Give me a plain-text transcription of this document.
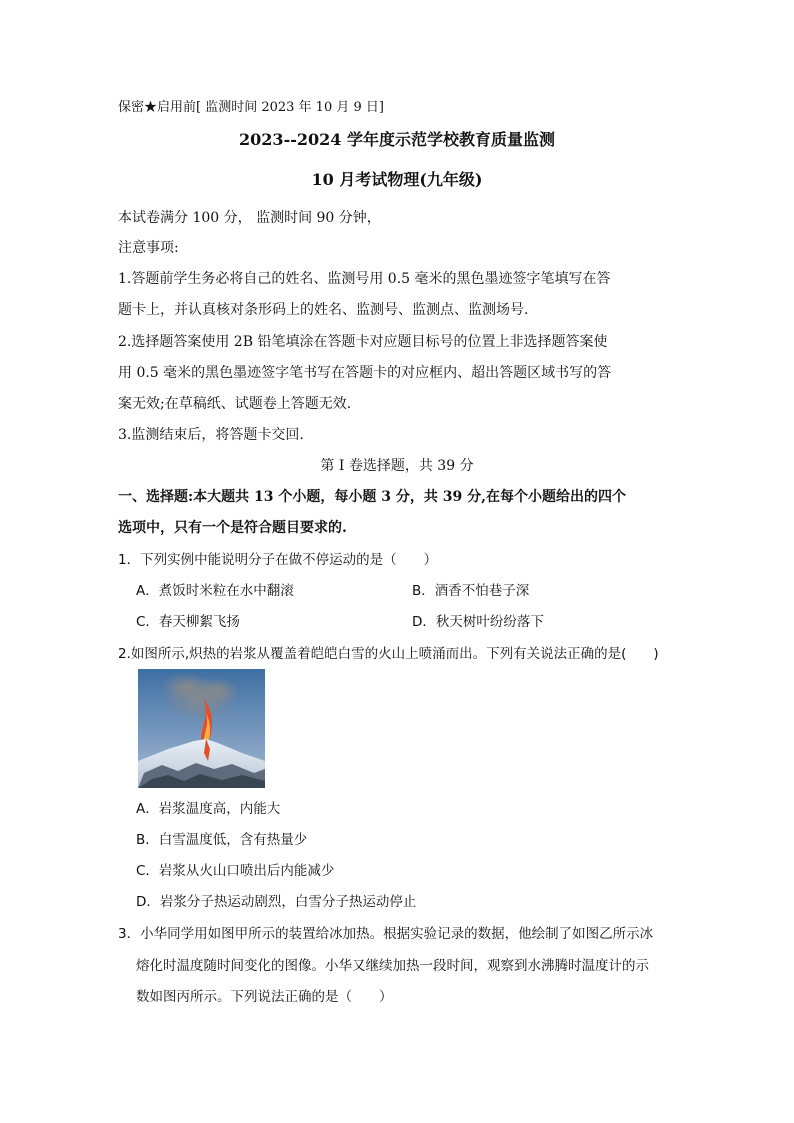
保密★启用前[ 监测时间 2023 年 10 月 9 日]
2023--2024 学年度示范学校教育质量监测
10 月考试物理(九年级)
本试卷满分 100 分， 监测时间 90 分钟，
注意事项:
1.答题前学生务必将自己的姓名、监测号用 0.5 毫米的黑色墨迹签字笔填写在答
题卡上，并认真核对条形码上的姓名、监测号、监测点、监测场号.
2.选择题答案使用 2B 铅笔填涂在答题卡对应题目标号的位置上非选择题答案使
用 0.5 毫米的黑色墨迹签字笔书写在答题卡的对应框内、超出答题区域书写的答
案无效;在草稿纸、试题卷上答题无效.
3.监测结束后，将答题卡交回.
第 I 卷选择题，共 39 分
一、选择题:本大题共 13 个小题，每小题 3 分，共 39 分,在每个小题给出的四个
选项中，只有一个是符合题目要求的.
1．下列实例中能说明分子在做不停运动的是（　　）
A．煮饭时米粒在水中翻滚	B．酒香不怕巷子深
C．春天柳絮飞扬	D．秋天树叶纷纷落下
2.如图所示,炽热的岩浆从覆盖着皑皑白雪的火山上喷涌而出。下列有关说法正确的是(　　)
A．岩浆温度高，内能大
B．白雪温度低，含有热量少
C．岩浆从火山口喷出后内能减少
D．岩浆分子热运动剧烈，白雪分子热运动停止
3．小华同学用如图甲所示的装置给冰加热。根据实验记录的数据，他绘制了如图乙所示冰
熔化时温度随时间变化的图像。小华又继续加热一段时间，观察到水沸腾时温度计的示
数如图丙所示。下列说法正确的是（　　）
